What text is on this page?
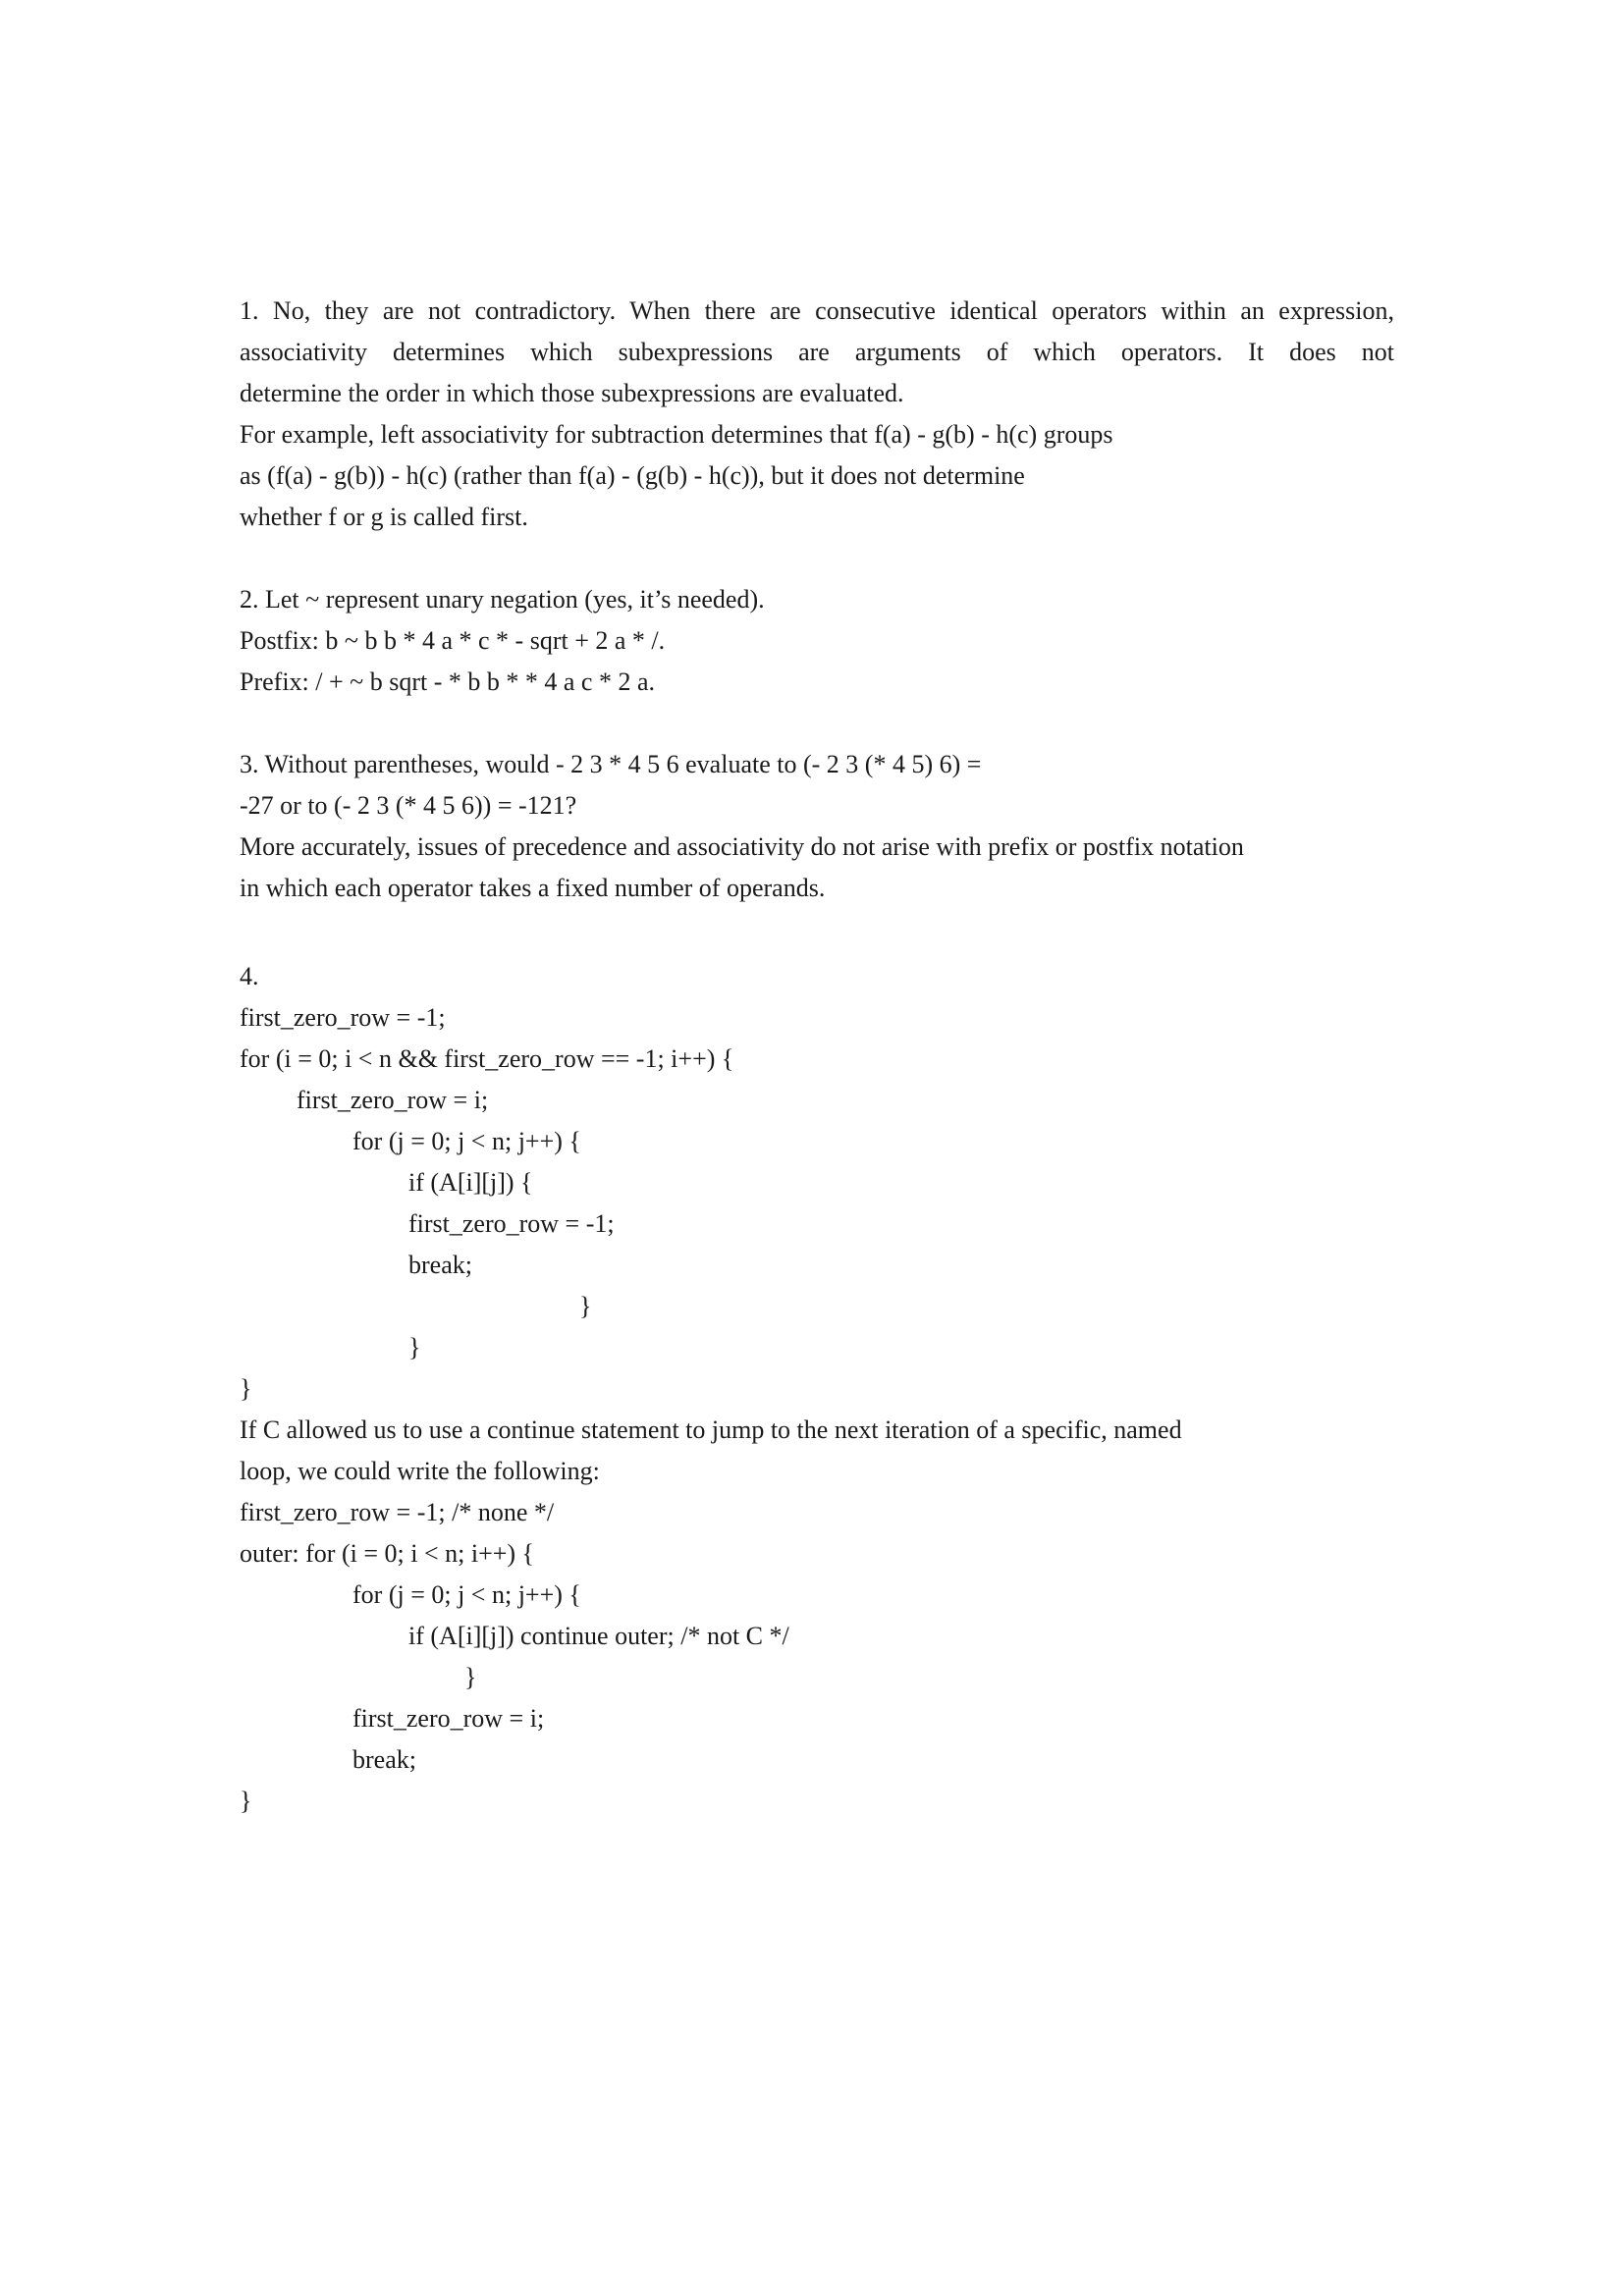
1. No, they are not contradictory. When there are consecutive identical operators within an expression,
associativity determines which subexpressions are arguments of which operators. It does not
determine the order in which those subexpressions are evaluated.
For example, left associativity for subtraction determines that f(a) - g(b) - h(c) groups
as (f(a) - g(b)) - h(c) (rather than f(a) - (g(b) - h(c)), but it does not determine
whether f or g is called first.
2. Let ~ represent unary negation (yes, it’s needed).
Postfix: b ~ b b * 4 a * c * - sqrt + 2 a * /.
Prefix: / + ~ b sqrt - * b b * * 4 a c * 2 a.
3. Without parentheses, would - 2 3 * 4 5 6 evaluate to (- 2 3 (* 4 5) 6) =
-27 or to (- 2 3 (* 4 5 6)) = -121?
More accurately, issues of precedence and associativity do not arise with prefix or postfix notation
in which each operator takes a fixed number of operands.
4.
first_zero_row = -1;
for (i = 0; i < n && first_zero_row == -1; i++) {
first_zero_row = i;
for (j = 0; j < n; j++) {
if (A[i][j]) {
first_zero_row = -1;
break;
}
}
}
If C allowed us to use a continue statement to jump to the next iteration of a specific, named
loop, we could write the following:
first_zero_row = -1; /* none */
outer: for (i = 0; i < n; i++) {
for (j = 0; j < n; j++) {
if (A[i][j]) continue outer; /* not C */
}
first_zero_row = i;
break;
}
